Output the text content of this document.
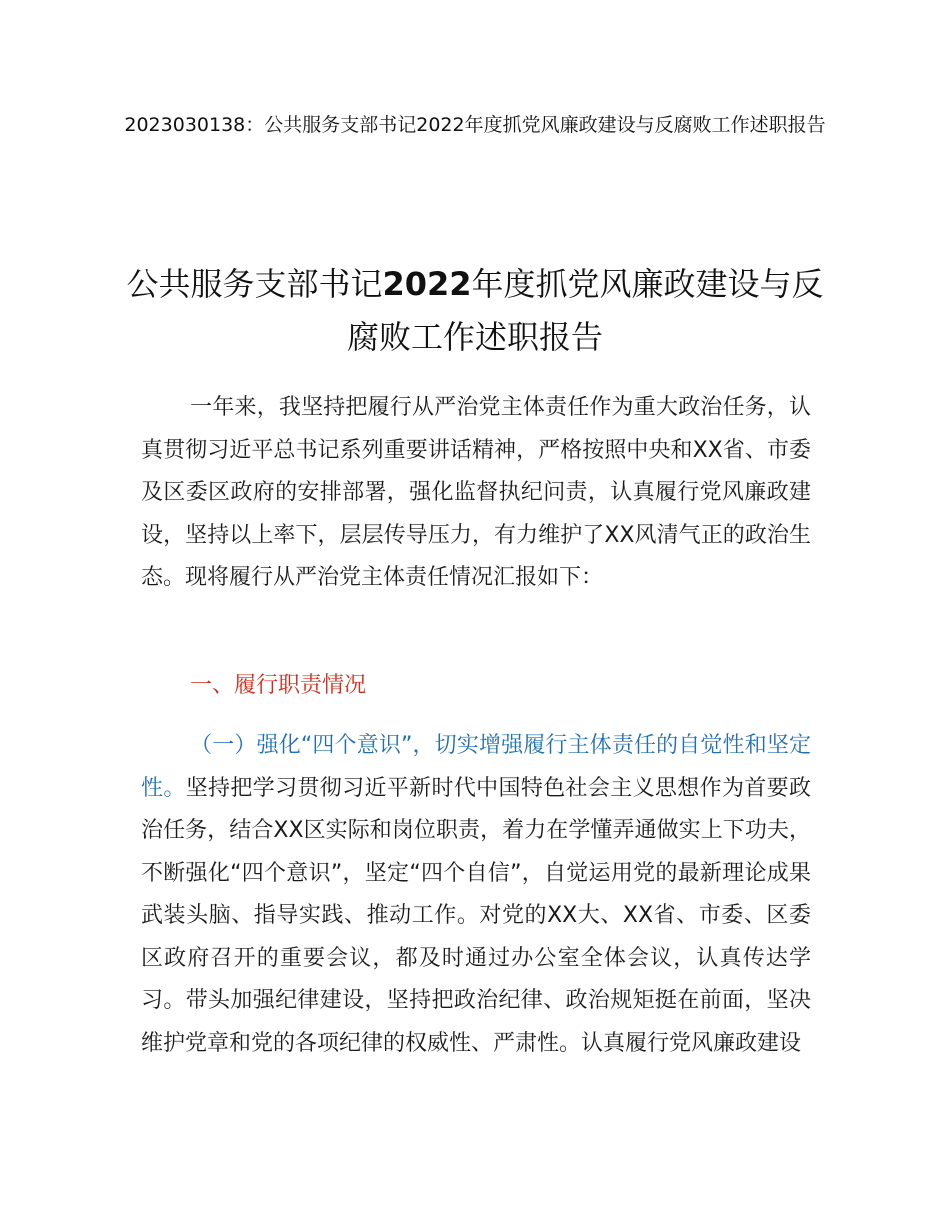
2023030138：公共服务支部书记2022年度抓党风廉政建设与反腐败工作述职报告
公共服务支部书记2022年度抓党风廉政建设与反腐败工作述职报告
一年来，我坚持把履行从严治党主体责任作为重大政治任务，认真贯彻习近平总书记系列重要讲话精神，严格按照中央和XX省、市委及区委区政府的安排部署，强化监督执纪问责，认真履行党风廉政建设，坚持以上率下，层层传导压力，有力维护了XX风清气正的政治生态。现将履行从严治党主体责任情况汇报如下：
一、履行职责情况
（一）强化“四个意识”，切实增强履行主体责任的自觉性和坚定性。坚持把学习贯彻习近平新时代中国特色社会主义思想作为首要政治任务，结合XX区实际和岗位职责，着力在学懂弄通做实上下功夫，不断强化“四个意识”，坚定“四个自信”，自觉运用党的最新理论成果武装头脑、指导实践、推动工作。对党的XX大、XX省、市委、区委区政府召开的重要会议，都及时通过办公室全体会议，认真传达学习。带头加强纪律建设，坚持把政治纪律、政治规矩挺在前面，坚决维护党章和党的各项纪律的权威性、严肃性。认真履行党风廉政建设
